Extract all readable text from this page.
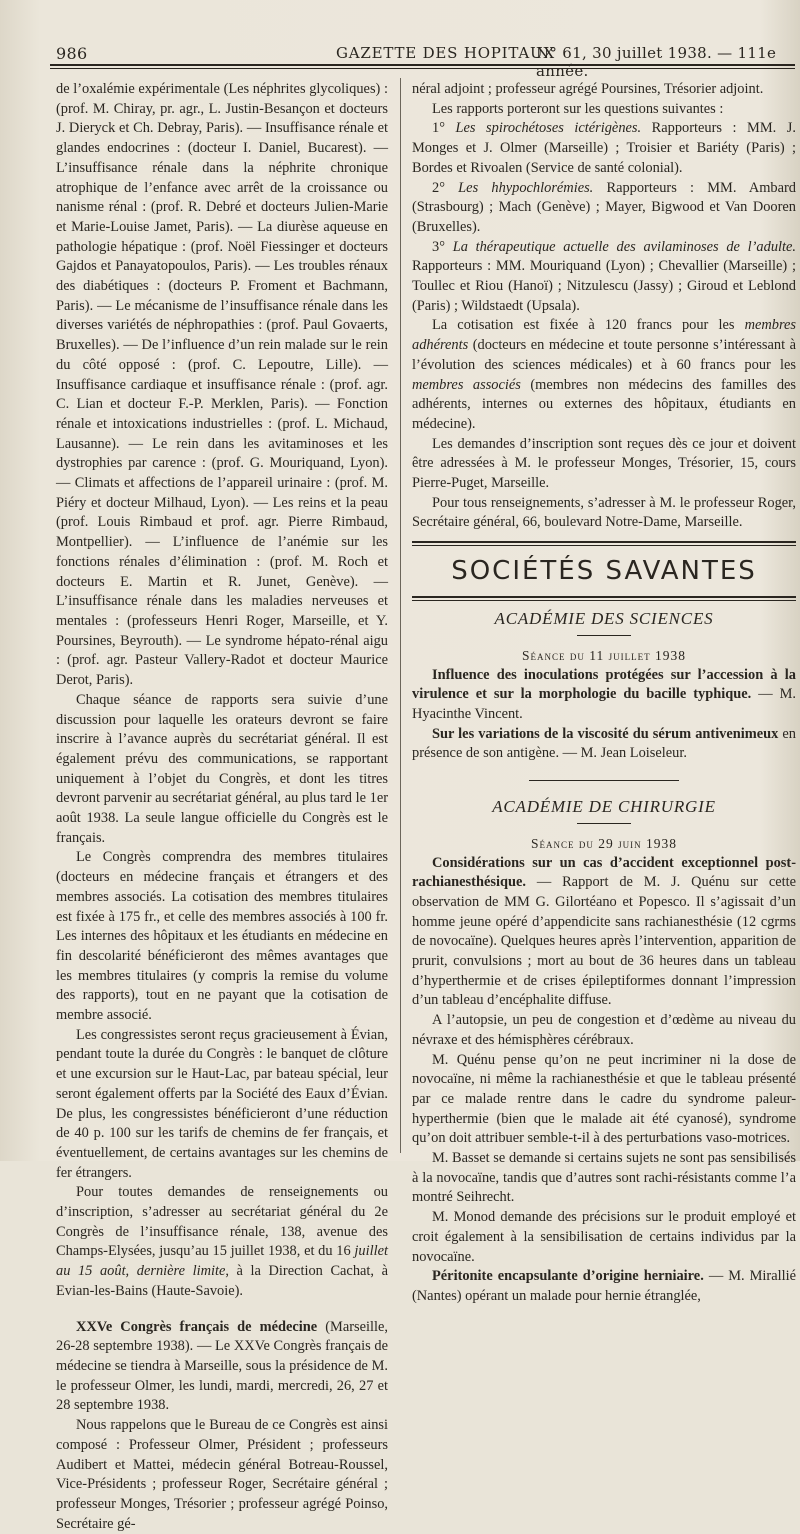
986	GAZETTE DES HOPITAUX
N° 61, 30 juillet 1938. — 111e année.

de l’oxalémie expérimentale (Les néphrites glycoliques) : (prof. M. Chiray, pr. agr., L. Justin-Besançon et docteurs J. Dieryck et Ch. Debray, Paris). — Insuffisance rénale et glandes endocrines : (docteur I. Daniel, Bucarest). — L’insuffisance rénale dans la néphrite chronique atrophique de l’enfance avec arrêt de la croissance ou nanisme rénal : (prof. R. Debré et docteurs Julien-Marie et Marie-Louise Jamet, Paris). — La diurèse aqueuse en pathologie hépatique : (prof. Noël Fiessinger et docteurs Gajdos et Panayatopoulos, Paris). — Les troubles rénaux des diabétiques : (docteurs P. Froment et Bachmann, Paris). — Le mécanisme de l’insuffisance rénale dans les diverses variétés de néphropathies : (prof. Paul Govaerts, Bruxelles). — De l’influence d’un rein malade sur le rein du côté opposé : (prof. C. Lepoutre, Lille). — Insuffisance cardiaque et insuffisance rénale : (prof. agr. C. Lian et docteur F.-P. Merklen, Paris). — Fonction rénale et intoxications industrielles : (prof. L. Michaud, Lausanne). — Le rein dans les avitaminoses et les dystrophies par carence : (prof. G. Mouriquand, Lyon). — Climats et affections de l’appareil urinaire : (prof. M. Piéry et docteur Milhaud, Lyon). — Les reins et la peau (prof. Louis Rimbaud et prof. agr. Pierre Rimbaud, Montpellier). — L’influence de l’anémie sur les fonctions rénales d’élimination : (prof. M. Roch et docteurs E. Martin et R. Junet, Genève). — L’insuffisance rénale dans les maladies nerveuses et mentales : (professeurs Henri Roger, Marseille, et Y. Poursines, Beyrouth). — Le syndrome hépato-rénal aigu : (prof. agr. Pasteur Vallery-Radot et docteur Maurice Derot, Paris).

Chaque séance de rapports sera suivie d’une discussion pour laquelle les orateurs devront se faire inscrire à l’avance auprès du secrétariat général. Il est également prévu des communications, se rapportant uniquement à l’objet du Congrès, et dont les titres devront parvenir au secrétariat général, au plus tard le 1er août 1938. La seule langue officielle du Congrès est le français.

Le Congrès comprendra des membres titulaires (docteurs en médecine français et étrangers et des membres associés. La cotisation des membres titulaires est fixée à 175 fr., et celle des membres associés à 100 fr. Les internes des hôpitaux et les étudiants en médecine en fin descolarité bénéficieront des mêmes avantages que les membres titulaires (y compris la remise du volume des rapports), tout en ne payant que la cotisation de membre associé.

Les congressistes seront reçus gracieusement à Évian, pendant toute la durée du Congrès : le banquet de clôture et une excursion sur le Haut-Lac, par bateau spécial, leur seront également offerts par la Société des Eaux d’Évian. De plus, les congressistes bénéficieront d’une réduction de 40 p. 100 sur les tarifs de chemins de fer français, et éventuellement, de certains avantages sur les chemins de fer étrangers.

Pour toutes demandes de renseignements ou d’inscription, s’adresser au secrétariat général du 2e Congrès de l’insuffisance rénale, 138, avenue des Champs-Elysées, jusqu’au 15 juillet 1938, et du 16 juillet au 15 août, dernière limite, à la Direction Cachat, à Evian-les-Bains (Haute-Savoie).

XXVe Congrès français de médecine (Marseille, 26-28 septembre 1938). — Le XXVe Congrès français de médecine se tiendra à Marseille, sous la présidence de M. le professeur Olmer, les lundi, mardi, mercredi, 26, 27 et 28 septembre 1938.

Nous rappelons que le Bureau de ce Congrès est ainsi composé : Professeur Olmer, Président ; professeurs Audibert et Mattei, médecin général Botreau-Roussel, Vice-Présidents ; professeur Roger, Secrétaire général ; professeur Monges, Trésorier ; professeur agrégé Poinso, Secrétaire gé-

néral adjoint ; professeur agrégé Poursines, Trésorier adjoint.

Les rapports porteront sur les questions suivantes :

1° Les spirochétoses ictérigènes. Rapporteurs : MM. J. Monges et J. Olmer (Marseille) ; Troisier et Bariéty (Paris) ; Bordes et Rivoalen (Service de santé colonial).

2° Les hhypochlorémies. Rapporteurs : MM. Ambard (Strasbourg) ; Mach (Genève) ; Mayer, Bigwood et Van Dooren (Bruxelles).

3° La thérapeutique actuelle des avilaminoses de l’adulte. Rapporteurs : MM. Mouriquand (Lyon) ; Chevallier (Marseille) ; Toullec et Riou (Hanoï) ; Nitzulescu (Jassy) ; Giroud et Leblond (Paris) ; Wildstaedt (Upsala).

La cotisation est fixée à 120 francs pour les membres adhérents (docteurs en médecine et toute personne s’intéressant à l’évolution des sciences médicales) et à 60 francs pour les membres associés (membres non médecins des familles des adhérents, internes ou externes des hôpitaux, étudiants en médecine).

Les demandes d’inscription sont reçues dès ce jour et doivent être adressées à M. le professeur Monges, Trésorier, 15, cours Pierre-Puget, Marseille.

Pour tous renseignements, s’adresser à M. le professeur Roger, Secrétaire général, 66, boulevard Notre-Dame, Marseille.

SOCIÉTÉS SAVANTES

ACADÉMIE DES SCIENCES

Séance du 11 juillet 1938

Influence des inoculations protégées sur l’accession à la virulence et sur la morphologie du bacille typhique. — M. Hyacinthe Vincent.

Sur les variations de la viscosité du sérum antivenimeux en présence de son antigène. — M. Jean Loiseleur.

ACADÉMIE DE CHIRURGIE

Séance du 29 juin 1938

Considérations sur un cas d’accident exceptionnel post-rachianesthésique. — Rapport de M. J. Quénu sur cette observation de MM G. Gilortéano et Popesco. Il s’agissait d’un homme jeune opéré d’appendicite sans rachianesthésie (12 cgrms de novocaïne). Quelques heures après l’intervention, apparition de prurit, convulsions ; mort au bout de 36 heures dans un tableau d’hyperthermie et de crises épileptiformes donnant l’impression d’un tableau d’encéphalite diffuse.

A l’autopsie, un peu de congestion et d’œdème au niveau du névraxe et des hémisphères cérébraux.

M. Quénu pense qu’on ne peut incriminer ni la dose de novocaïne, ni même la rachianesthésie et que le tableau présenté par ce malade rentre dans le cadre du syndrome paleur-hyperthermie (bien que le malade ait été cyanosé), syndrome qu’on doit attribuer semble-t-il à des perturbations vaso-motrices.

M. Basset se demande si certains sujets ne sont pas sensibilisés à la novocaïne, tandis que d’autres sont rachi-résistants comme l’a montré Seihrecht.

M. Monod demande des précisions sur le produit employé et croit également à la sensibilisation de certains individus par la novocaïne.

Péritonite encapsulante d’origine herniaire. — M. Mirallié (Nantes) opérant un malade pour hernie étranglée,
